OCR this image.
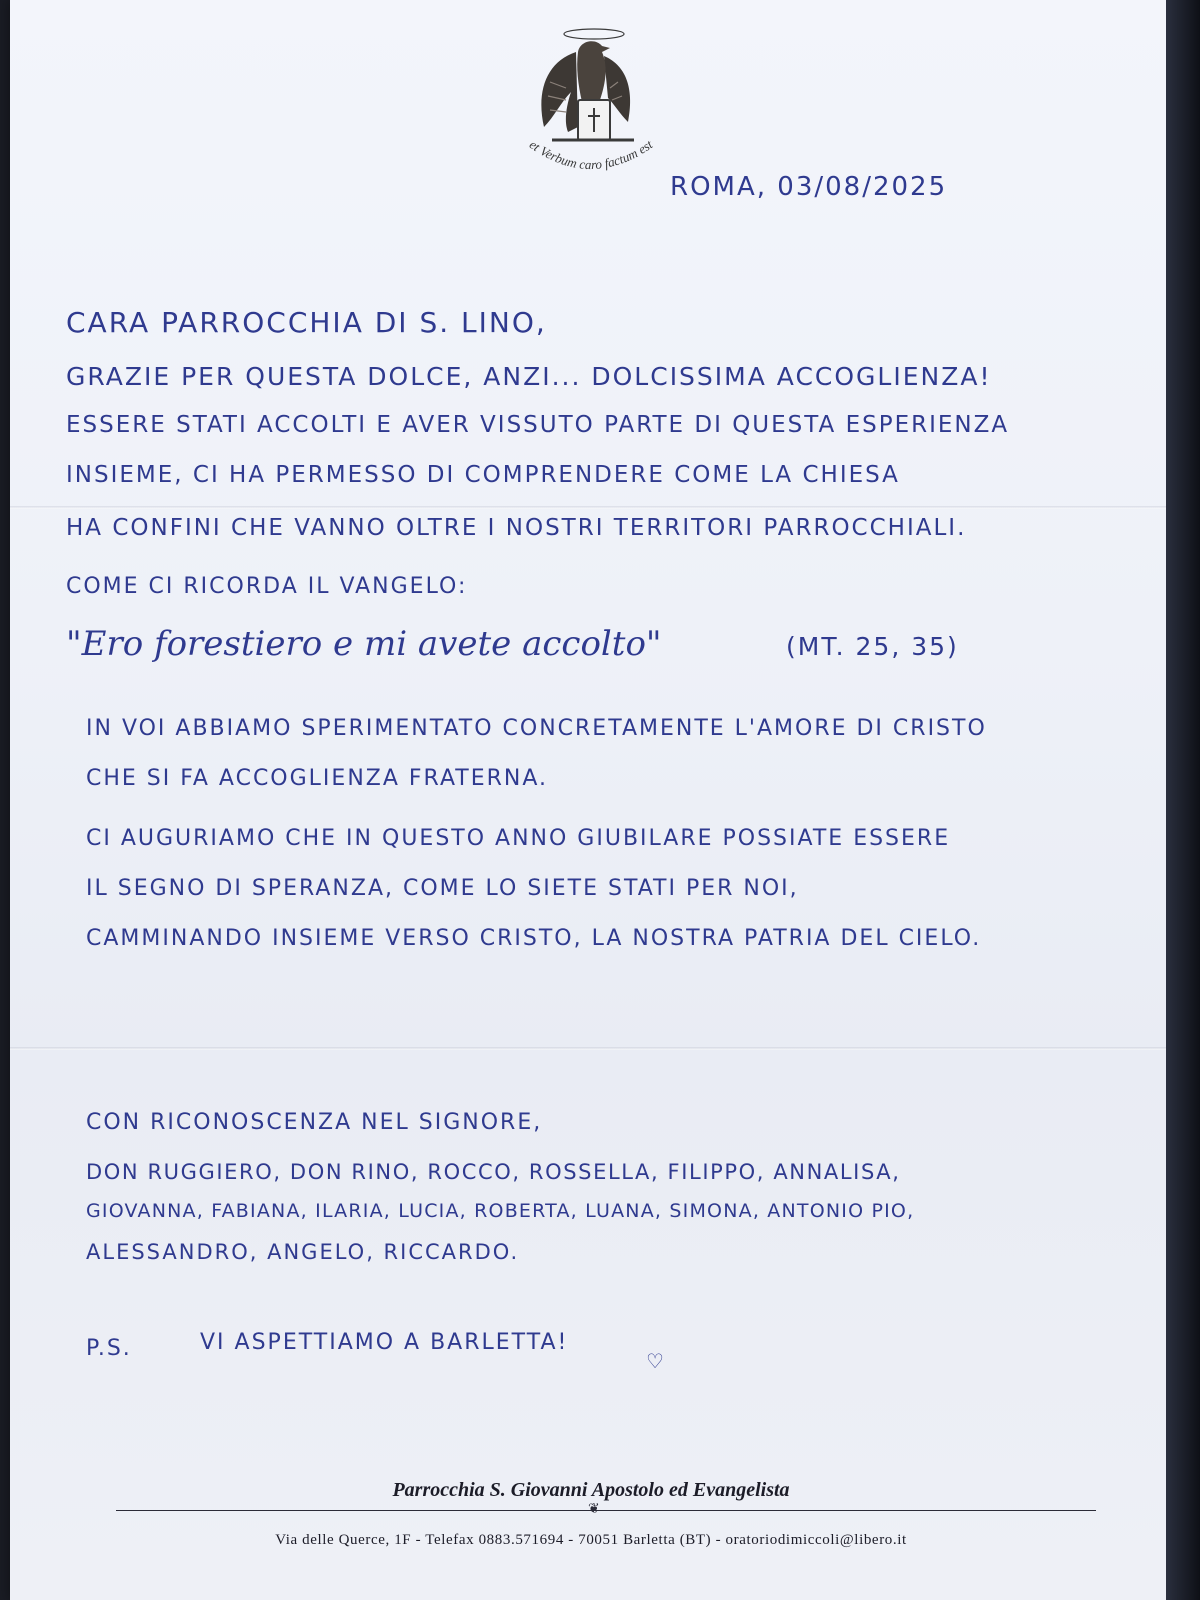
et Verbum caro factum est
ROMA, 03/08/2025
CARA PARROCCHIA DI S. LINO,
GRAZIE PER QUESTA DOLCE, ANZI... DOLCISSIMA ACCOGLIENZA!
ESSERE STATI ACCOLTI E AVER VISSUTO PARTE DI QUESTA ESPERIENZA
INSIEME, CI HA PERMESSO DI COMPRENDERE COME LA CHIESA
HA CONFINI CHE VANNO OLTRE I NOSTRI TERRITORI PARROCCHIALI.
COME CI RICORDA IL VANGELO:
"Ero forestiero e mi avete accolto"	(MT. 25, 35)
IN VOI ABBIAMO SPERIMENTATO CONCRETAMENTE L'AMORE DI CRISTO
CHE SI FA ACCOGLIENZA FRATERNA.
CI AUGURIAMO CHE IN QUESTO ANNO GIUBILARE POSSIATE ESSERE
IL SEGNO DI SPERANZA, COME LO SIETE STATI PER NOI,
CAMMINANDO INSIEME VERSO CRISTO, LA NOSTRA PATRIA DEL CIELO.
CON RICONOSCENZA NEL SIGNORE,
DON RUGGIERO, DON RINO, ROCCO, ROSSELLA, FILIPPO, ANNALISA,
GIOVANNA, FABIANA, ILARIA, LUCIA, ROBERTA, LUANA, SIMONA, ANTONIO PIO,
ALESSANDRO, ANGELO, RICCARDO.
P.S.	VI ASPETTIAMO A BARLETTA!
♡
Parrocchia S. Giovanni Apostolo ed Evangelista
❦
Via delle Querce, 1F - Telefax 0883.571694 - 70051 Barletta (BT) - oratoriodimiccoli@libero.it
